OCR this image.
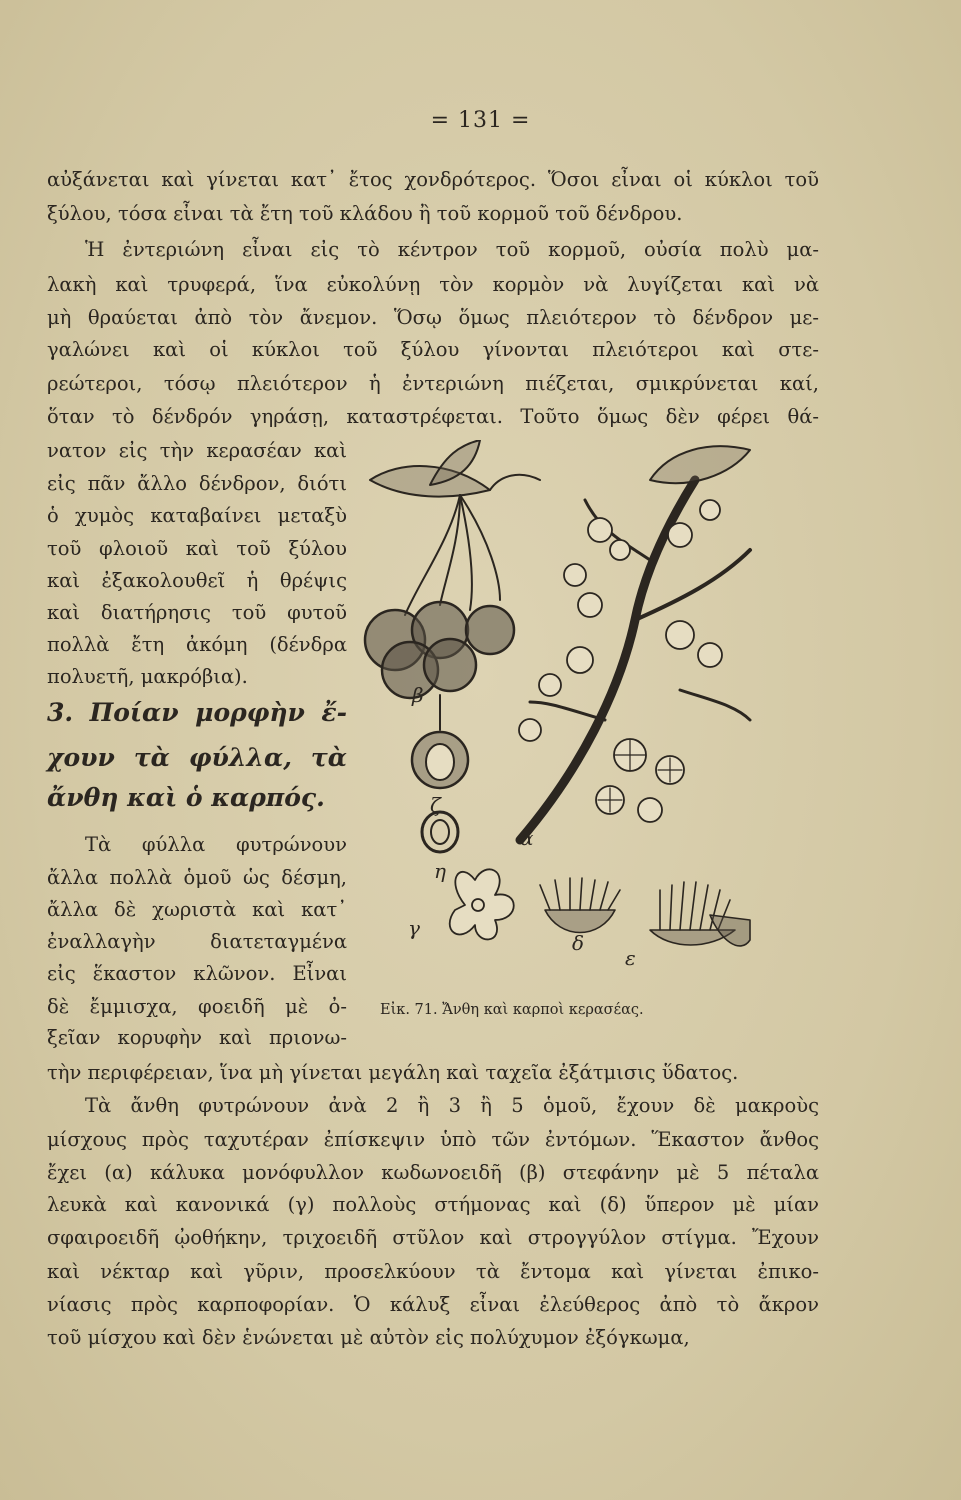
= 131 =
αὐξάνεται καὶ γίνεται κατ᾽ ἔτος χονδρότερος. Ὅσοι εἶναι οἱ κύκλοι τοῦ
ξύλου, τόσα εἶναι τὰ ἔτη τοῦ κλάδου ἢ τοῦ κορμοῦ τοῦ δένδρου.
Ἡ ἐντεριώνη εἶναι εἰς τὸ κέντρον τοῦ κορμοῦ, οὐσία πολὺ μα-
λακὴ καὶ τρυφερά, ἵνα εὐκολύνῃ τὸν κορμὸν νὰ λυγίζεται καὶ νὰ
μὴ θραύεται ἀπὸ τὸν ἄνεμον. Ὅσῳ ὅμως πλειότερον τὸ δένδρον με-
γαλώνει καὶ οἱ κύκλοι τοῦ ξύλου γίνονται πλειότεροι καὶ στε-
ρεώτεροι, τόσῳ πλειότερον ἡ ἐντεριώνη πιέζεται, σμικρύνεται καί,
ὅταν τὸ δένδρόν γηράσῃ, καταστρέφεται. Τοῦτο ὅμως δὲν φέρει θά-
νατον εἰς τὴν κερασέαν καὶ
εἰς πᾶν ἄλλο δένδρον, διότι
ὁ χυμὸς καταβαίνει μεταξὺ
τοῦ φλοιοῦ καὶ τοῦ ξύλου
καὶ ἐξακολουθεῖ ἡ θρέψις
καὶ διατήρησις τοῦ φυτοῦ
πολλὰ ἔτη ἀκόμη (δένδρα
πολυετῆ, μακρόβια).
3. Ποίαν μορφὴν ἔ-
χουν τὰ φύλλα, τὰ
ἄνθη καὶ ὁ καρπός.
Τὰ φύλλα φυτρώνουν
ἄλλα πολλὰ ὁμοῦ ὡς δέσμη,
ἄλλα δὲ χωριστὰ καὶ κατ᾽
ἐναλλαγὴν διατεταγμένα
εἰς ἕκαστον κλῶνον. Εἶναι
δὲ ἔμμισχα, φοειδῆ μὲ ὀ-
ξεῖαν κορυφὴν καὶ πριονω-
τὴν περιφέρειαν, ἵνα μὴ γίνεται μεγάλη καὶ ταχεῖα ἐξάτμισις ὕδατος.
Τὰ ἄνθη φυτρώνουν ἀνὰ 2 ἢ 3 ἢ 5 ὁμοῦ, ἔχουν δὲ μακροὺς
μίσχους πρὸς ταχυτέραν ἐπίσκεψιν ὑπὸ τῶν ἐντόμων. Ἕκαστον ἄνθος
ἔχει (α) κάλυκα μονόφυλλον κωδωνοειδῆ (β) στεφάνην μὲ 5 πέταλα
λευκὰ καὶ κανονικά (γ) πολλοὺς στήμονας καὶ (δ) ὕπερον μὲ μίαν
σφαιροειδῆ ᾠοθήκην, τριχοειδῆ στῦλον καὶ στρογγύλον στίγμα. Ἔχουν
καὶ νέκταρ καὶ γῦριν, προσελκύουν τὰ ἔντομα καὶ γίνεται ἐπικο-
νίασις πρὸς καρποφορίαν. Ὁ κάλυξ εἶναι ἐλεύθερος ἀπὸ τὸ ἄκρον
τοῦ μίσχου καὶ δὲν ἑνώνεται μὲ αὐτὸν εἰς πολύχυμον ἐξόγκωμα,
α
β
γ
δ
ε
ζ
η
Εἰκ. 71. Ἄνθη καὶ καρποὶ κερασέας.
